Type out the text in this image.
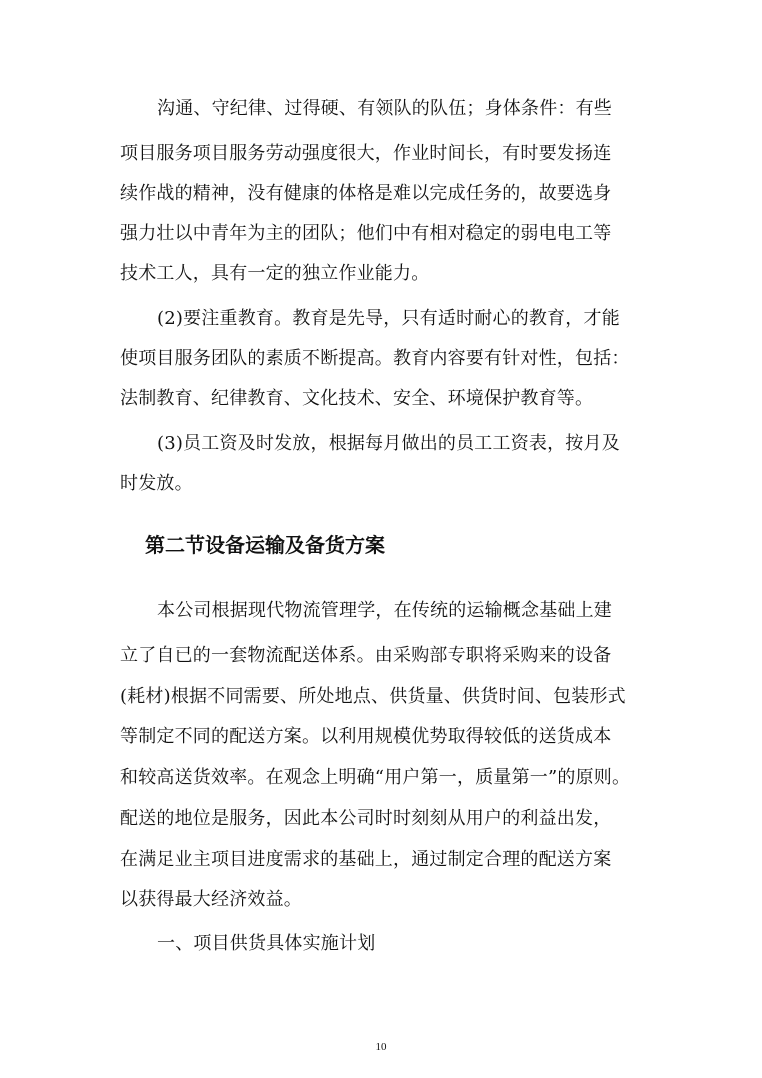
沟通、守纪律、过得硬、有领队的队伍；身体条件：有些
项目服务项目服务劳动强度很大，作业时间长，有时要发扬连
续作战的精神，没有健康的体格是难以完成任务的，故要选身
强力壮以中青年为主的团队；他们中有相对稳定的弱电电工等
技术工人，具有一定的独立作业能力。
(2)要注重教育。教育是先导，只有适时耐心的教育，才能
使项目服务团队的素质不断提高。教育内容要有针对性，包括：
法制教育、纪律教育、文化技术、安全、环境保护教育等。
(3)员工资及时发放，根据每月做出的员工工资表，按月及
时发放。
第二节设备运输及备货方案
本公司根据现代物流管理学，在传统的运输概念基础上建
立了自已的一套物流配送体系。由采购部专职将采购来的设备
(耗材)根据不同需要、所处地点、供货量、供货时间、包装形式
等制定不同的配送方案。以利用规模优势取得较低的送货成本
和较高送货效率。在观念上明确“用户第一，质量第一”的原则。
配送的地位是服务，因此本公司时时刻刻从用户的利益出发，
在满足业主项目进度需求的基础上，通过制定合理的配送方案
以获得最大经济效益。
一、项目供货具体实施计划
10
